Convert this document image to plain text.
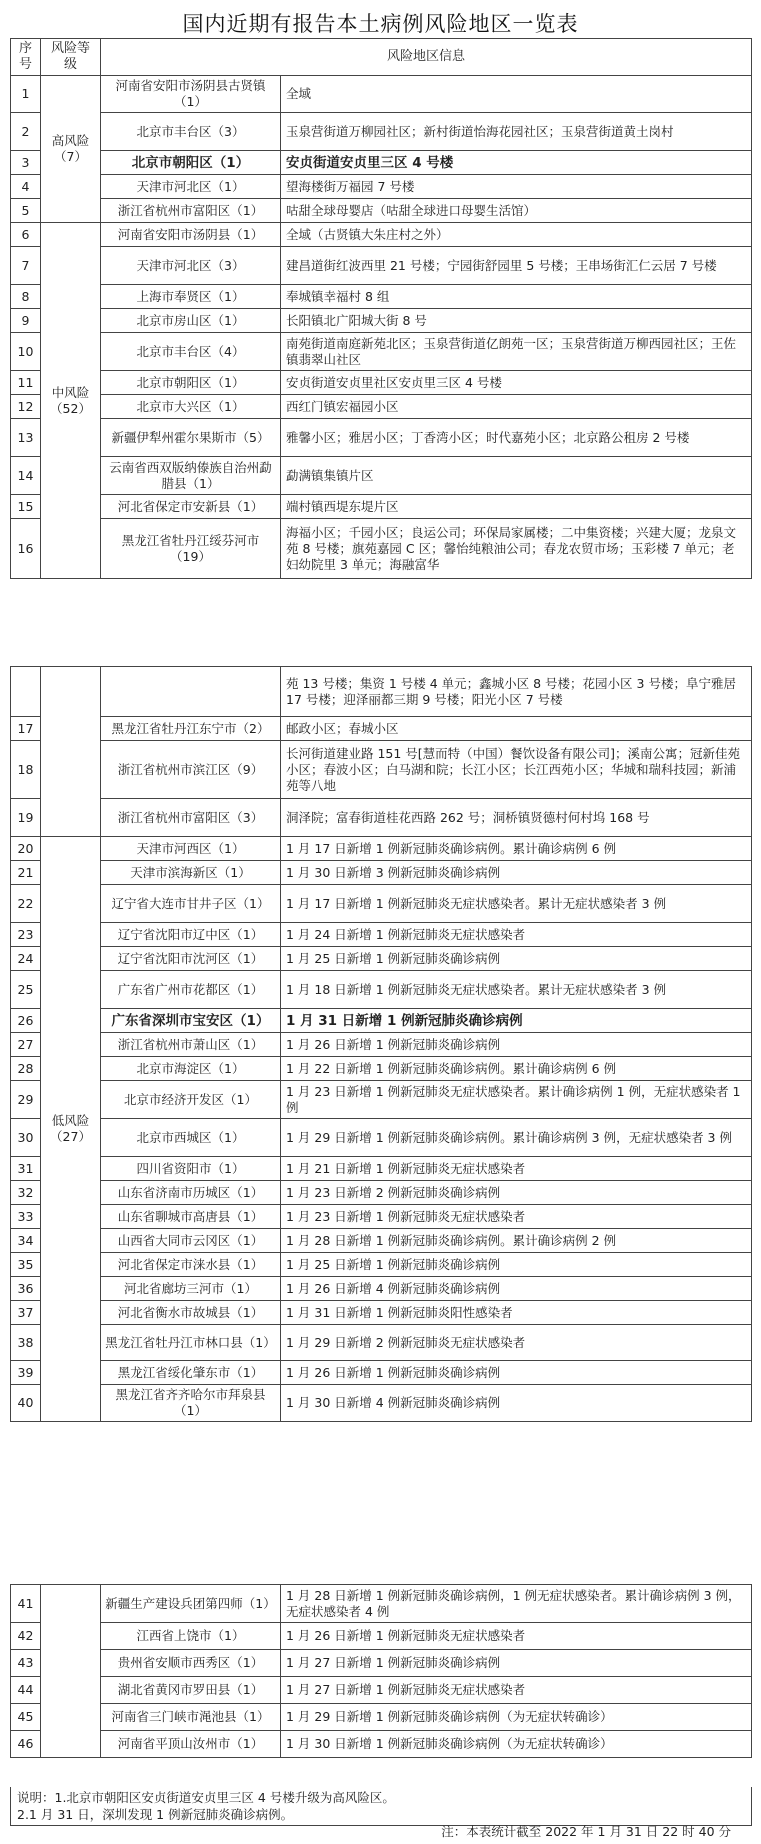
国内近期有报告本土病例风险地区一览表
序号	风险等级	风险地区信息	
1	高风险（7）	河南省安阳市汤阴县古贤镇（1）	全域
2		北京市丰台区（3）	玉泉营街道万柳园社区；新村街道怡海花园社区；玉泉营街道黄土岗村
3		北京市朝阳区（1）	安贞街道安贞里三区 4 号楼
4		天津市河北区（1）	望海楼街万福园 7 号楼
5		浙江省杭州市富阳区（1）	咕甜全球母婴店（咕甜全球进口母婴生活馆）
6	中风险（52）	河南省安阳市汤阴县（1）	全域（古贤镇大朱庄村之外）
7		天津市河北区（3）	建昌道街红波西里 21 号楼；宁园街舒园里 5 号楼；王串场街汇仁云居 7 号楼
8		上海市奉贤区（1）	奉城镇幸福村 8 组
9		北京市房山区（1）	长阳镇北广阳城大街 8 号
10		北京市丰台区（4）	南苑街道南庭新苑北区；玉泉营街道亿朗苑一区；玉泉营街道万柳西园社区；王佐镇翡翠山社区
11		北京市朝阳区（1）	安贞街道安贞里社区安贞里三区 4 号楼
12		北京市大兴区（1）	西红门镇宏福园小区
13		新疆伊犁州霍尔果斯市（5）	雅馨小区；雅居小区；丁香湾小区；时代嘉苑小区；北京路公租房 2 号楼
14		云南省西双版纳傣族自治州勐腊县（1）	勐满镇集镇片区
15		河北省保定市安新县（1）	端村镇西堤东堤片区
16		黑龙江省牡丹江绥芬河市（19）	海福小区；千园小区；良运公司；环保局家属楼；二中集资楼；兴建大厦；龙泉文苑 8 号楼；旗苑嘉园 C 区；馨怡纯粮油公司；春龙农贸市场；玉彩楼 7 单元；老妇幼院里 3 单元；海融富华
			苑 13 号楼；集资 1 号楼 4 单元；鑫城小区 8 号楼；花园小区 3 号楼；阜宁雅居 17 号楼；迎泽丽都三期 9 号楼；阳光小区 7 号楼
17		黑龙江省牡丹江东宁市（2）	邮政小区；春城小区
18		浙江省杭州市滨江区（9）	长河街道建业路 151 号[慧而特（中国）餐饮设备有限公司]；溪南公寓；冠新佳苑小区；春波小区；白马湖和院；长江小区；长江西苑小区；华城和瑞科技园；新浦苑等八地
19		浙江省杭州市富阳区（3）	洞泽院；富春街道桂花西路 262 号；洞桥镇贤德村何村坞 168 号
20	低风险（27）	天津市河西区（1）	1 月 17 日新增 1 例新冠肺炎确诊病例。累计确诊病例 6 例
21		天津市滨海新区（1）	1 月 30 日新增 3 例新冠肺炎确诊病例
22		辽宁省大连市甘井子区（1）	1 月 17 日新增 1 例新冠肺炎无症状感染者。累计无症状感染者 3 例
23		辽宁省沈阳市辽中区（1）	1 月 24 日新增 1 例新冠肺炎无症状感染者
24		辽宁省沈阳市沈河区（1）	1 月 25 日新增 1 例新冠肺炎确诊病例
25		广东省广州市花都区（1）	1 月 18 日新增 1 例新冠肺炎无症状感染者。累计无症状感染者 3 例
26		广东省深圳市宝安区（1）	1 月 31 日新增 1 例新冠肺炎确诊病例
27		浙江省杭州市萧山区（1）	1 月 26 日新增 1 例新冠肺炎确诊病例
28		北京市海淀区（1）	1 月 22 日新增 1 例新冠肺炎确诊病例。累计确诊病例 6 例
29		北京市经济开发区（1）	1 月 23 日新增 1 例新冠肺炎无症状感染者。累计确诊病例 1 例，无症状感染者 1 例
30		北京市西城区（1）	1 月 29 日新增 1 例新冠肺炎确诊病例。累计确诊病例 3 例，无症状感染者 3 例
31		四川省资阳市（1）	1 月 21 日新增 1 例新冠肺炎无症状感染者
32		山东省济南市历城区（1）	1 月 23 日新增 2 例新冠肺炎确诊病例
33		山东省聊城市高唐县（1）	1 月 23 日新增 1 例新冠肺炎无症状感染者
34		山西省大同市云冈区（1）	1 月 28 日新增 1 例新冠肺炎确诊病例。累计确诊病例 2 例
35		河北省保定市涞水县（1）	1 月 25 日新增 1 例新冠肺炎确诊病例
36		河北省廊坊三河市（1）	1 月 26 日新增 4 例新冠肺炎确诊病例
37		河北省衡水市故城县（1）	1 月 31 日新增 1 例新冠肺炎阳性感染者
38		黑龙江省牡丹江市林口县（1）	1 月 29 日新增 2 例新冠肺炎无症状感染者
39		黑龙江省绥化肇东市（1）	1 月 26 日新增 1 例新冠肺炎确诊病例
40		黑龙江省齐齐哈尔市拜泉县（1）	1 月 30 日新增 4 例新冠肺炎确诊病例
41		新疆生产建设兵团第四师（1）	1 月 28 日新增 1 例新冠肺炎确诊病例，1 例无症状感染者。累计确诊病例 3 例，无症状感染者 4 例
42		江西省上饶市（1）	1 月 26 日新增 1 例新冠肺炎无症状感染者
43		贵州省安顺市西秀区（1）	1 月 27 日新增 1 例新冠肺炎确诊病例
44		湖北省黄冈市罗田县（1）	1 月 27 日新增 1 例新冠肺炎无症状感染者
45		河南省三门峡市渑池县（1）	1 月 29 日新增 1 例新冠肺炎确诊病例（为无症状转确诊）
46		河南省平顶山汝州市（1）	1 月 30 日新增 1 例新冠肺炎确诊病例（为无症状转确诊）
说明：1.北京市朝阳区安贞街道安贞里三区 4 号楼升级为高风险区。
2.1 月 31 日，深圳发现 1 例新冠肺炎确诊病例。
注：本表统计截至 2022 年 1 月 31 日 22 时 40 分
